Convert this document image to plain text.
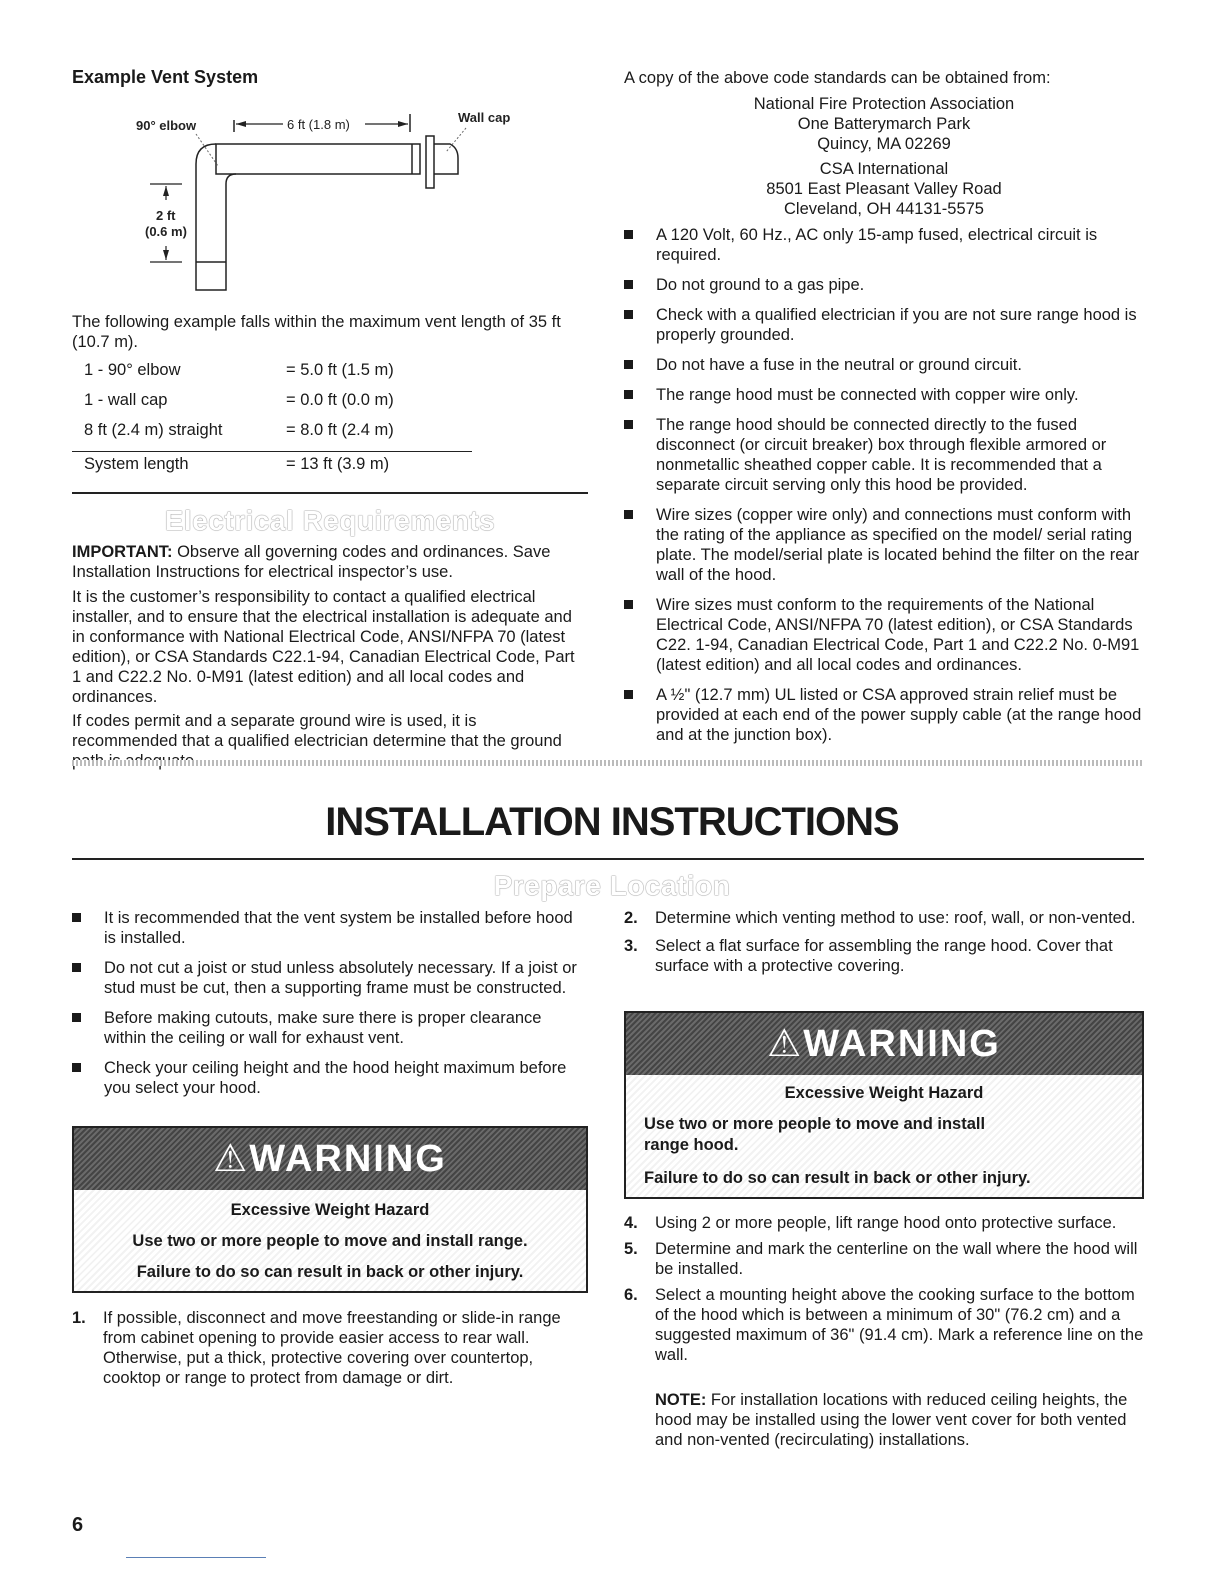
Example Vent System
6 ft (1.8 m)
90° elbow
Wall cap
2 ft
(0.6 m)

The following example falls within the maximum vent length of 35 ft (10.7 m).

1 - 90° elbow	= 5.0 ft (1.5 m)
1 - wall cap	= 0.0 ft (0.0 m)
8 ft (2.4 m) straight	= 8.0 ft (2.4 m)
System length	= 13 ft (3.9 m)
Electrical Requirements

IMPORTANT: Observe all governing codes and ordinances. Save Installation Instructions for electrical inspector’s use.

It is the customer’s responsibility to contact a qualified electrical installer, and to ensure that the electrical installation is adequate and in conformance with National Electrical Code, ANSI/NFPA 70 (latest edition), or CSA Standards C22.1-94, Canadian Electrical Code, Part 1 and C22.2 No. 0-M91 (latest edition) and all local codes and ordinances.

If codes permit and a separate ground wire is used, it is recommended that a qualified electrician determine that the ground

A copy of the above code standards can be obtained from:

National Fire Protection Association
One Batterymarch Park
Quincy, MA 02269
CSA International
8501 East Pleasant Valley Road
Cleveland, OH 44131-5575
A 120 Volt, 60 Hz., AC only 15-amp fused, electrical circuit is required.
Do not ground to a gas pipe.
Check with a qualified electrician if you are not sure range hood is properly grounded.
Do not have a fuse in the neutral or ground circuit.
The range hood must be connected with copper wire only.
The range hood should be connected directly to the fused disconnect (or circuit breaker) box through flexible armored or nonmetallic sheathed copper cable. It is recommended that a separate circuit serving only this hood be provided.
Wire sizes (copper wire only) and connections must conform with the rating of the appliance as specified on the model/ serial rating plate. The model/serial plate is located behind the filter on the rear wall of the hood.
Wire sizes must conform to the requirements of the National Electrical Code, ANSI/NFPA 70 (latest edition), or CSA Standards C22. 1-94, Canadian Electrical Code, Part 1 and C22.2 No. 0-M91 (latest edition) and all local codes and ordinances.
A ½" (12.7 mm) UL listed or CSA approved strain relief must be provided at each end of the power supply cable (at the range hood and at the junction box).
INSTALLATION INSTRUCTIONS
Prepare Location
It is recommended that the vent system be installed before hood is installed.
Do not cut a joist or stud unless absolutely necessary. If a joist or stud must be cut, then a supporting frame must be constructed.
Before making cutouts, make sure there is proper clearance within the ceiling or wall for exhaust vent.
Check your ceiling height and the hood height maximum before you select your hood.
⚠WARNING
Excessive Weight Hazard
Use two or more people to move and install range.
Failure to do so can result in back or other injury.
1. If possible, disconnect and move freestanding or slide-in range from cabinet opening to provide easier access to rear wall. Otherwise, put a thick, protective covering over countertop, cooktop or range to protect from damage or dirt.
2. Determine which venting method to use: roof, wall, or non-vented.
3. Select a flat surface for assembling the range hood. Cover that surface with a protective covering.
⚠WARNING
Excessive Weight Hazard
Use two or more people to move and install range hood.
Failure to do so can result in back or other injury.
4. Using 2 or more people, lift range hood onto protective surface.
5. Determine and mark the centerline on the wall where the hood will be installed.
6. Select a mounting height above the cooking surface to the bottom of the hood which is between a minimum of 30" (76.2 cm) and a suggested maximum of 36" (91.4 cm). Mark a reference line on the wall.

NOTE: For installation locations with reduced ceiling heights, the hood may be installed using the lower vent cover for both vented and non-vented (recirculating) installations.

6
